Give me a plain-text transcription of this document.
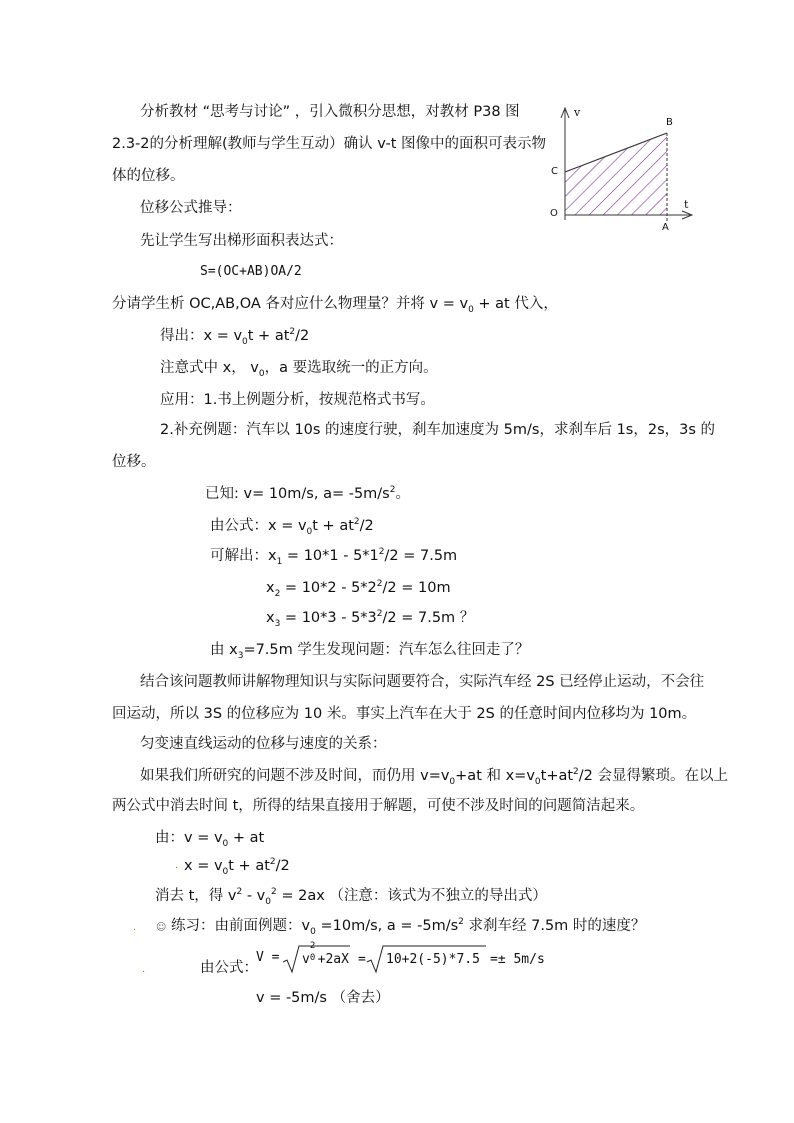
分析教材 “思考与讨论” ，引入微积分思想，对教材 P38 图
2.3-2的分析理解(教师与学生互动）确认 v-t 图像中的面积可表示物
体的位移。
v
t
O
A
B
C
位移公式推导：
先让学生写出梯形面积表达式：
S=(OC+AB)OA/2
分请学生析 OC,AB,OA 各对应什么物理量？并将 $v = v_0$ + at 代入，
得出：$x = v_0t + at^2/2$
注意式中 x， $v_0$，a 要选取统一的正方向。
应用：1.书上例题分析，按规范格式书写。
2.补充例题：汽车以 10s 的速度行驶，刹车加速度为 5m/s，求刹车后 1s，2s，3s 的
位移。
已知: v= 10m/s, $a= -5m/s^2$。
由公式：$x = v_0t + at^2/2$
可解出：$x_1 = 10*1 - 5*1^2/2 = 7.5m$
$x_2 = 10*2 - 5*2^2/2 = 10m$
$x_3 = 10*3 - 5*3^2/2 = 7.5m$ ？
由 $x_3=7.5m$ 学生发现问题：汽车怎么往回走了？
结合该问题教师讲解物理知识与实际问题要符合，实际汽车经 2S 已经停止运动，不会往
回运动，所以 3S 的位移应为 10 米。事实上汽车在大于 2S 的任意时间内位移均为 10m。
匀变速直线运动的位移与速度的关系：
如果我们所研究的问题不涉及时间，而仍用 $v=v_0+at$ 和 $x=v_0t+at^2/2$ 会显得繁琐。在以上
两公式中消去时间 t，所得的结果直接用于解题，可使不涉及时间的问题简洁起来。
由：$v = v_0$ + at
. $x = v_0t + at^2/2$
消去 t，得 $v^2 - v_0^2 = 2ax$ （注意：该式为不独立的导出式）
. ☺ 练习：由前面例题：$v_0 =10m/s$, $a = -5m/s^2$ 求刹车经 7.5m 时的速度？
.	由公式：
V = v
2
0 +2aX = 10+2(-5)*7.5 =± 5m/s
v = -5m/s （舍去）
